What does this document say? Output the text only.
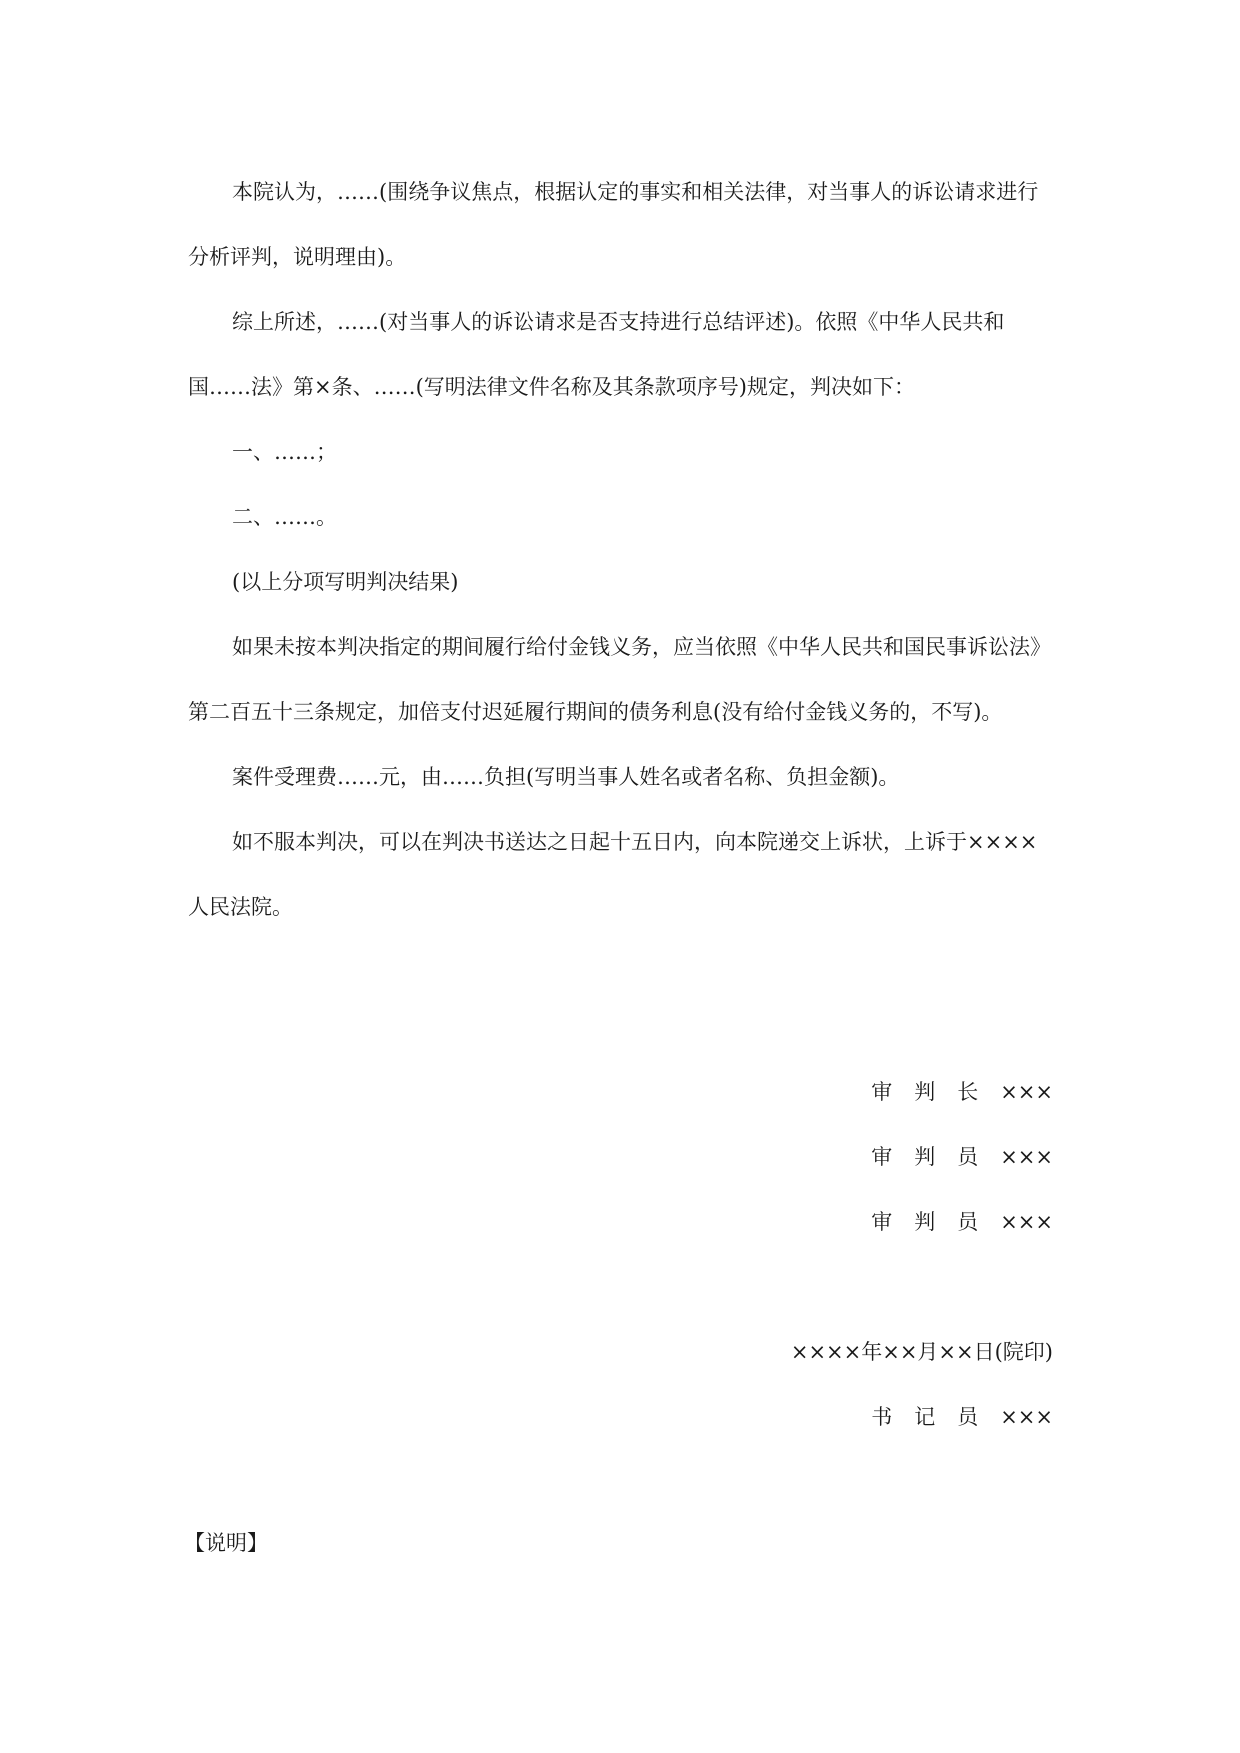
本院认为，……(围绕争议焦点，根据认定的事实和相关法律，对当事人的诉讼请求进行分析评判，说明理由)。

综上所述，……(对当事人的诉讼请求是否支持进行总结评述)。依照《中华人民共和国……法》第×条、……(写明法律文件名称及其条款项序号)规定，判决如下：

一、……；

二、……。

(以上分项写明判决结果)

如果未按本判决指定的期间履行给付金钱义务，应当依照《中华人民共和国民事诉讼法》第二百五十三条规定，加倍支付迟延履行期间的债务利息(没有给付金钱义务的，不写)。

案件受理费……元，由……负担(写明当事人姓名或者名称、负担金额)。

如不服本判决，可以在判决书送达之日起十五日内，向本院递交上诉状，上诉于××××人民法院。

审判长×××

审判员×××

审判员×××

××××年××月××日(院印)

书记员×××

【说明】
